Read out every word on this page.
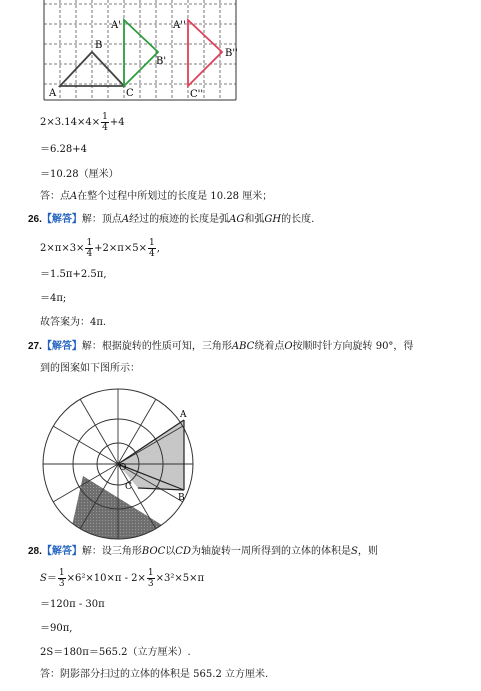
A
B
C
A'
B'
A''
B''
C''
$2\times 3.14\times 4\times \frac{1}{4} +4$
＝6.28+4
＝10.28（厘米）
答：点A在整个过程中所划过的长度是 10.28 厘米；
26.【解答】解：顶点A经过的痕迹的长度是弧AG和弧GH的长度.
$2\times\pi\times 3\times \frac{1}{4} +2\times\pi\times 5\times \frac{1}{4}$ ,
＝1.5π+2.5π,
＝4π;
故答案为：4π.
27.【解答】解：根据旋转的性质可知，三角形ABC绕着点O按顺时针方向旋转 90°，得
到的图案如下图所示：
A
B
C
O
28.【解答】解：设三角形BOC以CD为轴旋转一周所得到的立体的体积是S，则
$S= \frac{1}{3} \times 6^2\times 10\times\pi - 2\times \frac{1}{3} \times 3^2\times 5\times\pi$
＝120π - 30π
＝90π,
2S＝180π＝565.2（立方厘米）.
答：阴影部分扫过的立体的体积是 565.2 立方厘米.
